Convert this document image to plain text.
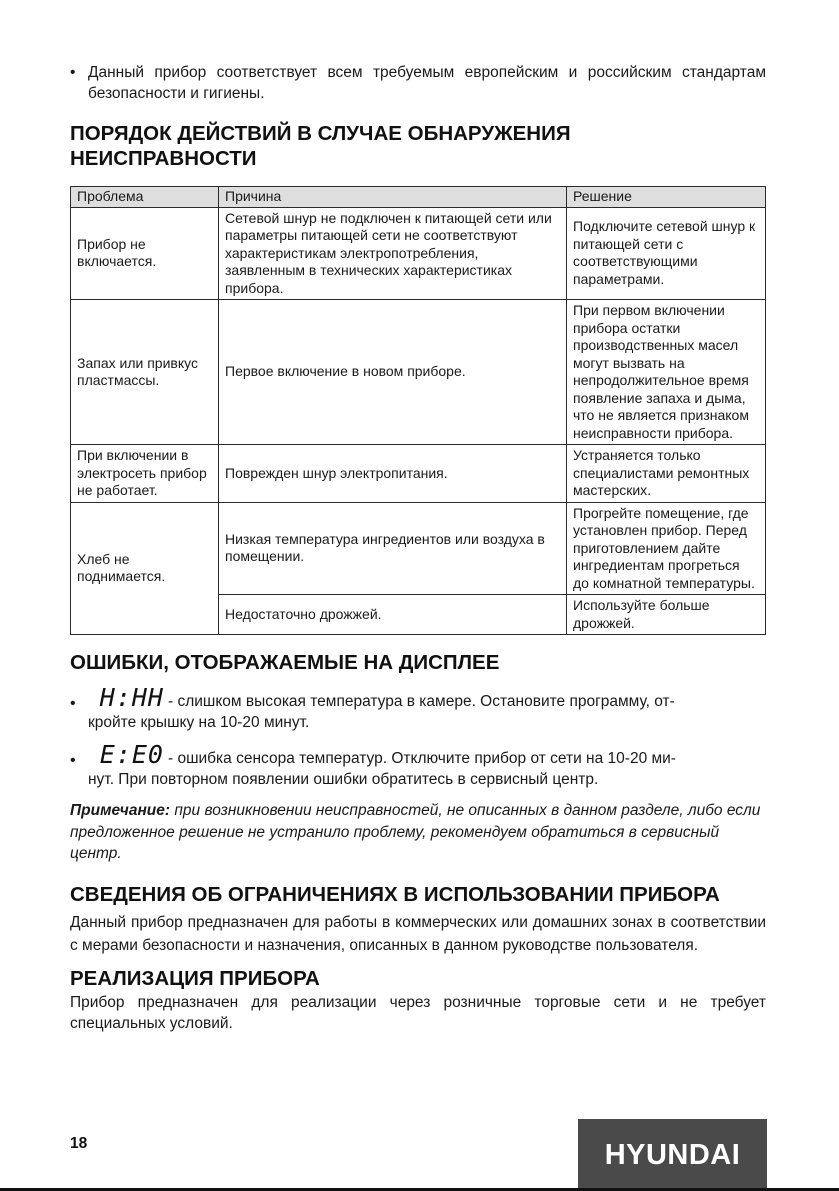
• Данный прибор соответствует всем требуемым европейским и российским стандартам безопасности и гигиены.
ПОРЯДОК ДЕЙСТВИЙ В СЛУЧАЕ ОБНАРУЖЕНИЯ
НЕИСПРАВНОСТИ
Проблема	Причина	Решение
Прибор не включается.	Сетевой шнур не подключен к питающей сети или параметры питающей сети не соответствуют характеристикам электропотребления, заявленным в технических характеристиках прибора.	Подключите сетевой шнур к питающей сети с соответствующими параметрами.
Запах или привкус пластмассы.	Первое включение в новом приборе.	При первом включении прибора остатки производственных масел могут вызвать на непродолжительное время появление запаха и дыма, что не является признаком неисправности прибора.
При включении в электросеть прибор не работает.	Поврежден шнур электропитания.	Устраняется только специалистами ремонтных мастерских.
Хлеб не поднимается.	Низкая температура ингредиентов или воздуха в помещении.	Прогрейте помещение, где установлен прибор. Перед приготовлением дайте ингредиентам прогреться до комнатной температуры.
	Недостаточно дрожжей.	Используйте больше дрожжей.
ОШИБКИ, ОТОБРАЖАЕМЫЕ НА ДИСПЛЕЕ
• H:HH - слишком высокая температура в камере. Остановите программу, от-
кройте крышку на 10-20 минут.
• E:E0 - ошибка сенсора температур. Отключите прибор от сети на 10-20 ми-
нут. При повторном появлении ошибки обратитесь в сервисный центр.
Примечание: при возникновении неисправностей, не описанных в данном разделе, либо если предложенное решение не устранило проблему, рекомендуем обратиться в сервисный центр.
СВЕДЕНИЯ ОБ ОГРАНИЧЕНИЯХ В ИСПОЛЬЗОВАНИИ ПРИБОРА
Данный прибор предназначен для работы в коммерческих или домашних зонах в соответствии с мерами безопасности и назначения, описанных в данном руководстве пользователя.
РЕАЛИЗАЦИЯ ПРИБОРА
Прибор предназначен для реализации через розничные торговые сети и не требует специальных условий.
18	HYUNDAI
